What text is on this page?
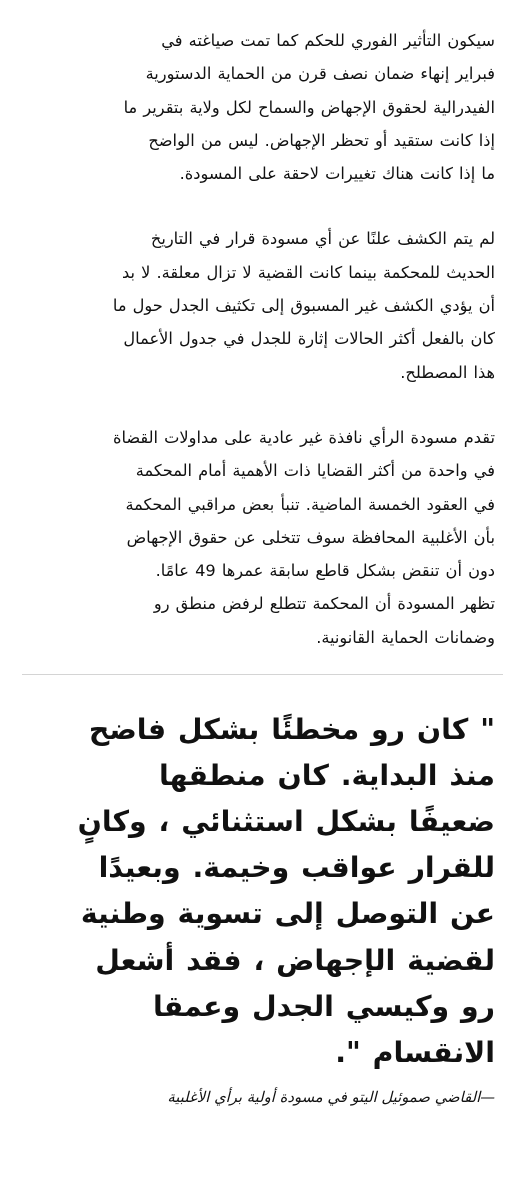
سيكون التأثير الفوري للحكم كما تمت صياغته في
فبراير إنهاء ضمان نصف قرن من الحماية الدستورية
الفيدرالية لحقوق الإجهاض والسماح لكل ولاية بتقرير ما
إذا كانت ستقيد أو تحظر الإجهاض. ليس من الواضح
ما إذا كانت هناك تغييرات لاحقة على المسودة.

لم يتم الكشف علنًا عن أي مسودة قرار في التاريخ
الحديث للمحكمة بينما كانت القضية لا تزال معلقة. لا بد
أن يؤدي الكشف غير المسبوق إلى تكثيف الجدل حول ما
كان بالفعل أكثر الحالات إثارة للجدل في جدول الأعمال
هذا المصطلح.

تقدم مسودة الرأي نافذة غير عادية على مداولات القضاة
في واحدة من أكثر القضايا ذات الأهمية أمام المحكمة
في العقود الخمسة الماضية. تنبأ بعض مراقبي المحكمة
بأن الأغلبية المحافظة سوف تتخلى عن حقوق الإجهاض
دون أن تنقض بشكل قاطع سابقة عمرها 49 عامًا.
تظهر المسودة أن المحكمة تتطلع لرفض منطق رو
وضمانات الحماية القانونية.

" كان رو مخطئًا بشكل فاضح
منذ البداية. كان منطقها
ضعيفًا بشكل استثنائي ، وكانٍ
للقرار عواقب وخيمة. وبعيدًا
عن التوصل إلى تسوية وطنية
لقضية الإجهاض ، فقد أشعل
رو وكيسي الجدل وعمقا
الانقسام ".
—القاضي صموئيل اليتو في مسودة أولية برأي الأغلبية
